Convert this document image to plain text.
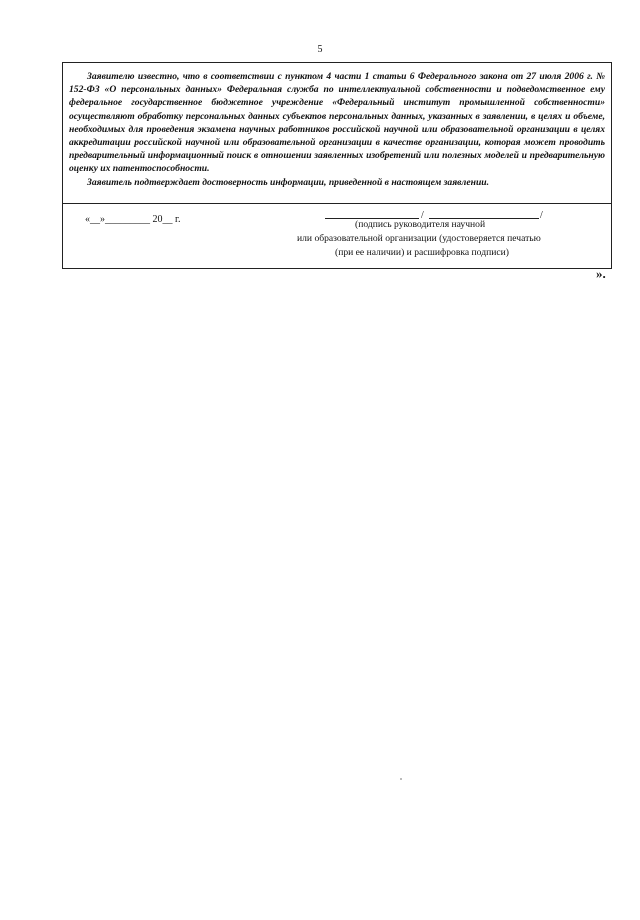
5

Заявителю известно, что в соответствии с пунктом 4 части 1 статьи 6 Федерального закона от 27 июля 2006 г. № 152-ФЗ «О персональных данных» Федеральная служба по интеллектуальной собственности и подведомственное ему федеральное государственное бюджетное учреждение «Федеральный институт промышленной собственности» осуществляют обработку персональных данных субъектов персональных данных, указанных в заявлении, в целях и объеме, необходимых для проведения экзамена научных работников российской научной или образовательной организации в целях аккредитации российской научной или образовательной организации в качестве организации, которая может проводить предварительный информационный поиск в отношении заявленных изобретений или полезных моделей и предварительную оценку их патентоспособности.

Заявитель подтверждает достоверность информации, приведенной в настоящем заявлении.

«__»_________ 20__ г.	/	/
(подпись руководителя научной
или образовательной организации (удостоверяется печатью
(при ее наличии) и расшифровка подписи)
».
